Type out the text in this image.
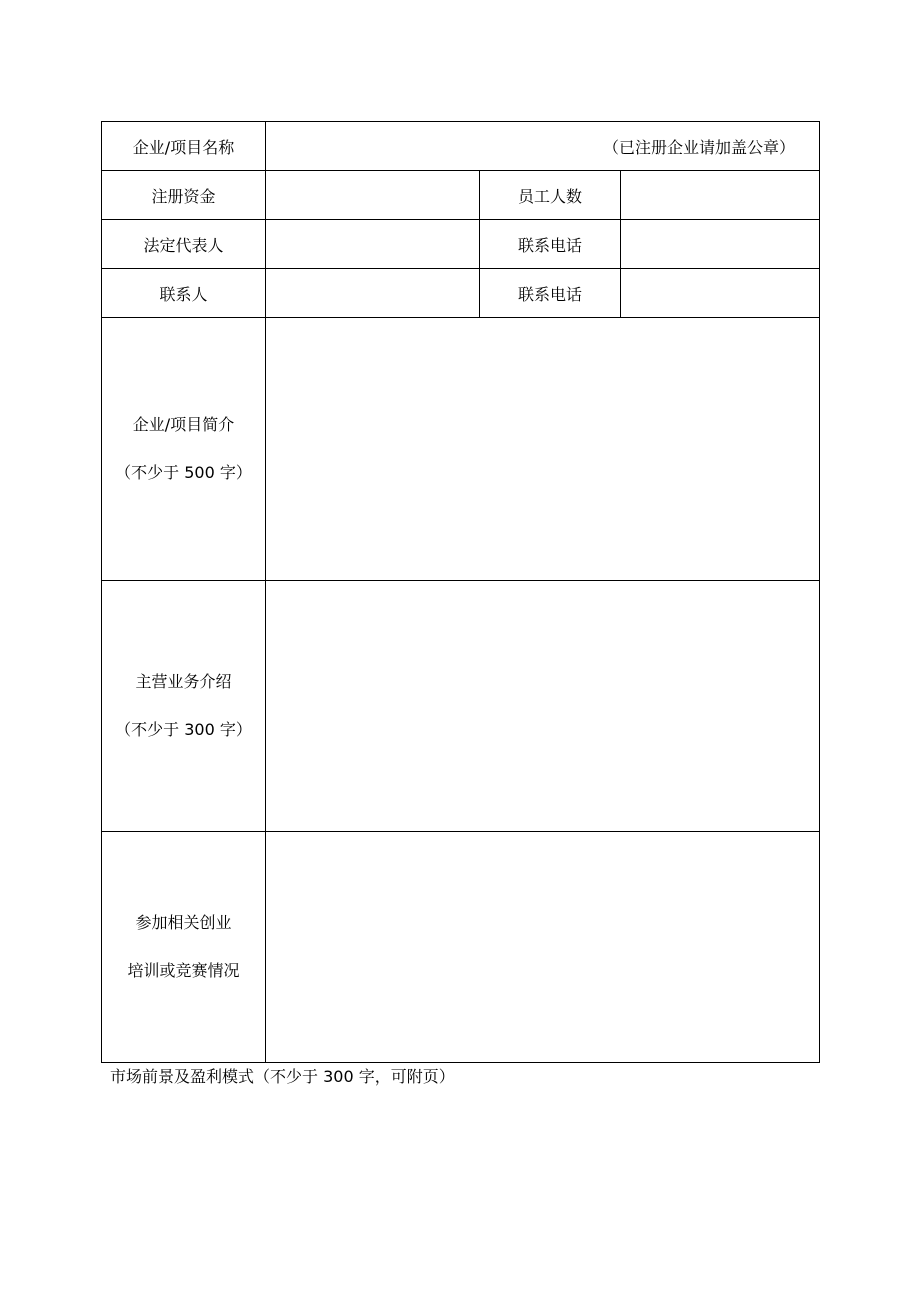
企业/项目名称	（已注册企业请加盖公章）		
注册资金		员工人数	
法定代表人		联系电话	
联系人		联系电话	

企业/项目简介
（不少于 500 字）			

主营业务介绍
（不少于 300 字）			

参加相关创业
培训或竞赛情况			

市场前景及盈利模式（不少于 300 字，可附页）
